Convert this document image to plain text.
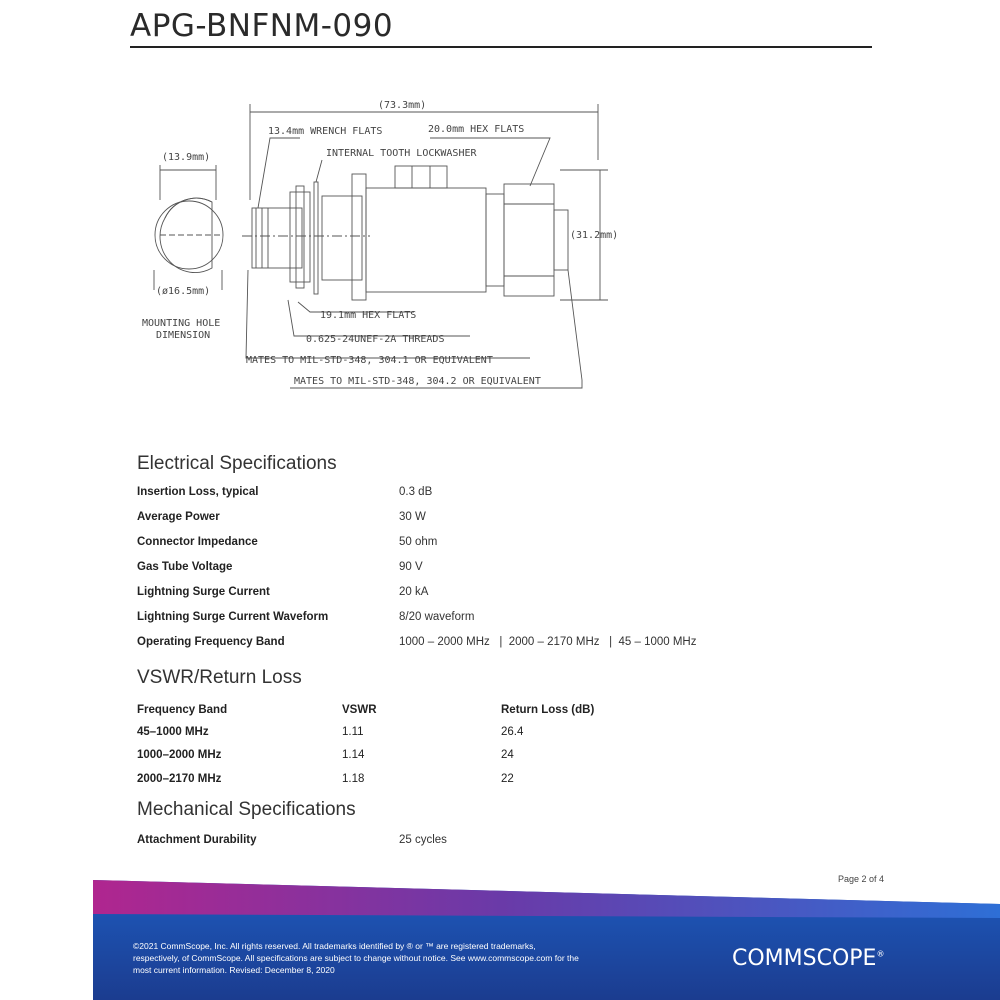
APG-BNFNM-090
(73.3mm)
13.4mm WRENCH FLATS	20.0mm HEX FLATS
INTERNAL TOOTH LOCKWASHER
(13.9mm)
(31.2mm)
(ø16.5mm)
MOUNTING HOLE
DIMENSION
19.1mm HEX FLATS
0.625-24UNEF-2A THREADS
MATES TO MIL-STD-348, 304.1 OR EQUIVALENT
MATES TO MIL-STD-348, 304.2 OR EQUIVALENT
Electrical Specifications
Insertion Loss, typical	0.3 dB
Average Power	30 W
Connector Impedance	50 ohm
Gas Tube Voltage	90 V
Lightning Surge Current	20 kA
Lightning Surge Current Waveform	8/20 waveform
Operating Frequency Band	1000 – 2000 MHz   |  2000 – 2170 MHz   |  45 – 1000 MHz
VSWR/Return Loss
Frequency Band	VSWR	Return Loss (dB)
45–1000 MHz	1.11	26.4
1000–2000 MHz	1.14	24
2000–2170 MHz	1.18	22
Mechanical Specifications
Attachment Durability	25 cycles
Page 2 of 4
©2021 CommScope, Inc. All rights reserved. All trademarks identified by ® or ™ are registered trademarks,
respectively, of CommScope. All specifications are subject to change without notice. See www.commscope.com for the
most current information. Revised: December 8, 2020	COMMSCOPE®
